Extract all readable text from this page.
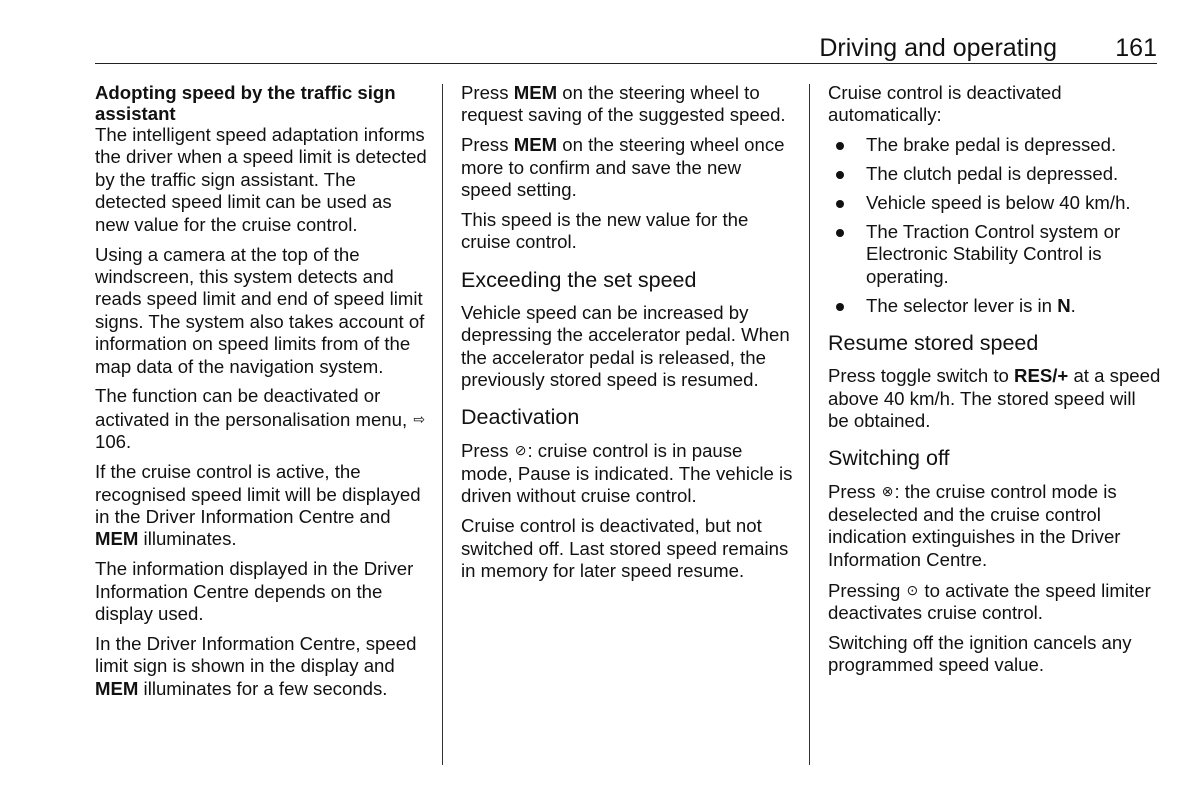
Driving and operating 161

Adopting speed by the traffic sign assistant

The intelligent speed adaptation informs the driver when a speed limit is detected by the traffic sign assistant. The detected speed limit can be used as new value for the cruise control.

Using a camera at the top of the windscreen, this system detects and reads speed limit and end of speed limit signs. The system also takes account of information on speed limits from of the map data of the navigation system.

The function can be deactivated or activated in the personalisation menu, ⇨ 106.

If the cruise control is active, the recognised speed limit will be displayed in the Driver Information Centre and MEM illuminates.

The information displayed in the Driver Information Centre depends on the display used.

In the Driver Information Centre, speed limit sign is shown in the display and MEM illuminates for a few seconds.

Press MEM on the steering wheel to request saving of the suggested speed.

Press MEM on the steering wheel once more to confirm and save the new speed setting.

This speed is the new value for the cruise control.

Exceeding the set speed

Vehicle speed can be increased by depressing the accelerator pedal. When the accelerator pedal is released, the previously stored speed is resumed.

Deactivation

Press ⊘: cruise control is in pause mode, Pause is indicated. The vehicle is driven without cruise control.

Cruise control is deactivated, but not switched off. Last stored speed remains in memory for later speed resume.

Cruise control is deactivated automatically:

The brake pedal is depressed.
The clutch pedal is depressed.
Vehicle speed is below 40 km/h.
The Traction Control system or Electronic Stability Control is operating.
The selector lever is in N.
Resume stored speed

Press toggle switch to RES/+ at a speed above 40 km/h. The stored speed will be obtained.

Switching off

Press ⊗: the cruise control mode is deselected and the cruise control indication extinguishes in the Driver Information Centre.

Pressing ⊙ to activate the speed limiter deactivates cruise control.

Switching off the ignition cancels any programmed speed value.
